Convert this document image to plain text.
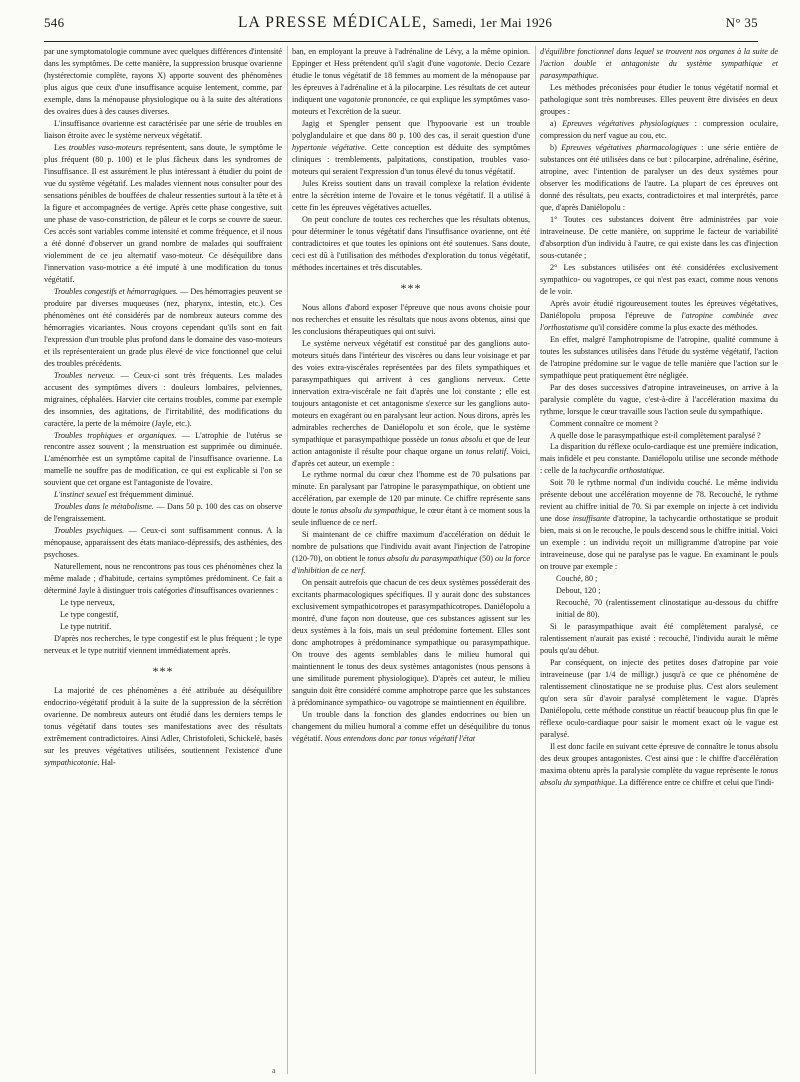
546	LA PRESSE MÉDICALE, Samedi, 1er Mai 1926	N° 35

par une symptomatologie commune avec quelques différences d'intensité dans les symptômes. De cette manière, la suppression brusque ovarienne (hystérectomie complète, rayons X) apporte souvent des phénomènes plus aigus que ceux d'une insuffisance acquise lentement, comme, par exemple, dans la ménopause physiologique ou à la suite des altérations des ovaires dues à des causes diverses.

L'insuffisance ovarienne est caractérisée par une série de troubles en liaison étroite avec le système nerveux végétatif.

Les troubles vaso-moteurs représentent, sans doute, le symptôme le plus fréquent (80 p. 100) et le plus fâcheux dans les syndromes de l'insuffisance. Il est assurément le plus intéressant à étudier du point de vue du système végétatif. Les malades viennent nous consulter pour des sensations pénibles de bouffées de chaleur ressenties surtout à la tête et à la figure et accompagnées de vertige. Après cette phase congestive, suit une phase de vaso-constriction, de pâleur et le corps se couvre de sueur. Ces accès sont variables comme intensité et comme fréquence, et il nous a été donné d'observer un grand nombre de malades qui souffraient violemment de ce jeu alternatif vaso-moteur. Ce déséquilibre dans l'innervation vaso-motrice a été imputé à une modification du tonus végétatif.

Troubles congestifs et hémorragiques. — Des hémorragies peuvent se produire par diverses muqueuses (nez, pharynx, intestin, etc.). Ces phénomènes ont été considérés par de nombreux auteurs comme des hémorragies vicariantes. Nous croyons cependant qu'ils sont en fait l'expression d'un trouble plus profond dans le domaine des vaso-moteurs et ils représenteraient un grade plus élevé de vice fonctionnel que celui des troubles précédents.

Troubles nerveux. — Ceux-ci sont très fréquents. Les malades accusent des symptômes divers : douleurs lombaires, pelviennes, migraines, céphalées. Harvier cite certains troubles, comme par exemple des insomnies, des agitations, de l'irritabilité, des modifications du caractère, la perte de la mémoire (Jayle, etc.).

Troubles trophiques et organiques. — L'atrophie de l'utérus se rencontre assez souvent ; la menstruation est supprimée ou diminuée. L'aménorrhée est un symptôme capital de l'insuffisance ovarienne. La mamelle ne souffre pas de modification, ce qui est explicable si l'on se souvient que cet organe est l'antagoniste de l'ovaire.

L'instinct sexuel est fréquemment diminué.

Troubles dans le métabolisme. — Dans 50 p. 100 des cas on observe de l'engraissement.

Troubles psychiques. — Ceux-ci sont suffisamment connus. A la ménopause, apparaissent des états maniaco-dépressifs, des asthénies, des psychoses.

Naturellement, nous ne rencontrons pas tous ces phénomènes chez la même malade ; d'habitude, certains symptômes prédominent. Ce fait a déterminé Jayle à distinguer trois catégories d'insuffisances ovariennes :

Le type nerveux,

Le type congestif,

Le type nutritif.

D'après nos recherches, le type congestif est le plus fréquent ; le type nerveux et le type nutritif viennent immédiatement après.

***

La majorité de ces phénomènes a été attribuée au déséquilibre endocrino-végétatif produit à la suite de la suppression de la sécrétion ovarienne. De nombreux auteurs ont étudié dans les derniers temps le tonus végétatif dans toutes ses manifestations avec des résultats extrêmement contradictoires. Ainsi Adler, Christofoleti, Schickelé, basés sur les preuves végétatives utilisées, soutiennent l'existence d'une sympathicotonie. Hal-

ban, en employant la preuve à l'adrénaline de Lévy, a la même opinion. Eppinger et Hess prétendent qu'il s'agit d'une vagotonie. Decio Cezare étudie le tonus végétatif de 18 femmes au moment de la ménopause par les épreuves à l'adrénaline et à la pilocarpine. Les résultats de cet auteur indiquent une vagotonie prononcée, ce qui explique les symptômes vaso-moteurs et l'excrétion de la sueur.

Jagig et Spengler pensent que l'hypoovarie est un trouble polyglandulaire et que dans 80 p. 100 des cas, il serait question d'une hypertonie végétative. Cette conception est déduite des symptômes cliniques : tremblements, palpitations, constipation, troubles vaso-moteurs qui seraient l'expression d'un tonus élevé du tonus végétatif.

Jules Kreiss soutient dans un travail complexe la relation évidente entre la sécrétion interne de l'ovaire et le tonus végétatif. Il a utilisé à cette fin les épreuves végétatives actuelles.

On peut conclure de toutes ces recherches que les résultats obtenus, pour déterminer le tonus végétatif dans l'insuffisance ovarienne, ont été contradictoires et que toutes les opinions ont été soutenues. Sans doute, ceci est dû à l'utilisation des méthodes d'exploration du tonus végétatif, méthodes incertaines et très discutables.

***

Nous allons d'abord exposer l'épreuve que nous avons choisie pour nos recherches et ensuite les résultats que nous avons obtenus, ainsi que les conclusions thérapeutiques qui ont suivi.

Le système nerveux végétatif est constitué par des ganglions auto-moteurs situés dans l'intérieur des viscères ou dans leur voisinage et par des voies extra-viscérales représentées par des filets sympathiques et parasympathiques qui arrivent à ces ganglions nerveux. Cette innervation extra-viscérale ne fait d'après une loi constante ; elle est toujours antagoniste et cet antagonisme s'exerce sur les ganglions auto-moteurs en exagérant ou en paralysant leur action. Nous dirons, après les admirables recherches de Daniélopolu et son école, que le système sympathique et parasympathique possède un tonus absolu et que de leur action antagoniste il résulte pour chaque organe un tonus relatif. Voici, d'après cet auteur, un exemple :

Le rythme normal du cœur chez l'homme est de 70 pulsations par minute. En paralysant par l'atropine le parasympathique, on obtient une accélération, par exemple de 120 par minute. Ce chiffre représente sans doute le tonus absolu du sympathique, le cœur étant à ce moment sous la seule influence de ce nerf.

Si maintenant de ce chiffre maximum d'accélération on déduit le nombre de pulsations que l'individu avait avant l'injection de l'atropine (120-70), on obtient le tonus absolu du parasympathique (50) ou la force d'inhibition de ce nerf.

On pensait autrefois que chacun de ces deux systèmes posséderait des excitants pharmacologiques spécifiques. Il y aurait donc des substances exclusivement sympathicotropes et parasympathicotropes. Daniélopolu a montré, d'une façon non douteuse, que ces substances agissent sur les deux systèmes à la fois, mais un seul prédomine fortement. Elles sont donc amphotropes à prédominance sympathique ou parasympathique. On trouve des agents semblables dans le milieu humoral qui maintiennent le tonus des deux systèmes antagonistes (nous pensons à une similitude purement physiologique). D'après cet auteur, le milieu sanguin doit être considéré comme amphotrope parce que les substances à prédominance sympathico- ou vagotrope se maintiennent en équilibre.

Un trouble dans la fonction des glandes endocrines ou bien un changement du milieu humoral a comme effet un déséquilibre du tonus végétatif. Nous entendons donc par tonus végétatif l'état

d'équilibre fonctionnel dans lequel se trouvent nos organes à la suite de l'action double et antagoniste du système sympathique et parasympathique.

Les méthodes préconisées pour étudier le tonus végétatif normal et pathologique sont très nombreuses. Elles peuvent être divisées en deux groupes :

a) Epreuves végétatives physiologiques : compression oculaire, compression du nerf vague au cou, etc.

b) Epreuves végétatives pharmacologiques : une série entière de substances ont été utilisées dans ce but : pilocarpine, adrénaline, ésérine, atropine, avec l'intention de paralyser un des deux systèmes pour observer les modifications de l'autre. La plupart de ces épreuves ont donné des résultats, peu exacts, contradictoires et mal interprétés, parce que, d'après Daniélopolu :

1° Toutes ces substances doivent être administrées par voie intraveineuse. De cette manière, on supprime le facteur de variabilité d'absorption d'un individu à l'autre, ce qui existe dans les cas d'injection sous-cutanée ;

2° Les substances utilisées ont été considérées exclusivement sympathico- ou vagotropes, ce qui n'est pas exact, comme nous venons de le voir.

Après avoir étudié rigoureusement toutes les épreuves végétatives, Daniélopolu proposa l'épreuve de l'atropine combinée avec l'orthostatisme qu'il considère comme la plus exacte des méthodes.

En effet, malgré l'amphotropisme de l'atropine, qualité commune à toutes les substances utilisées dans l'étude du système végétatif, l'action de l'atropine prédomine sur le vague de telle manière que l'action sur le sympathique peut pratiquement être négligée.

Par des doses successives d'atropine intraveineuses, on arrive à la paralysie complète du vague, c'est-à-dire à l'accélération maxima du rythme, lorsque le cœur travaille sous l'action seule du sympathique.

Comment connaître ce moment ?

A quelle dose le parasympathique est-il complètement paralysé ?

La disparition du réflexe oculo-cardiaque est une première indication, mais infidèle et peu constante. Daniélopolu utilise une seconde méthode : celle de la tachycardie orthostatique.

Soit 70 le rythme normal d'un individu couché. Le même individu présente debout une accélération moyenne de 78. Recouché, le rythme revient au chiffre initial de 70. Si par exemple on injecte à cet individu une dose insuffisante d'atropine, la tachycardie orthostatique se produit bien, mais si on le recouche, le pouls descend sous le chiffre initial. Voici un exemple : un individu reçoit un milligramme d'atropine par voie intraveineuse, dose qui ne paralyse pas le vague. En examinant le pouls on trouve par exemple :

Couché, 80 ;

Debout, 120 ;

Recouché, 70 (ralentissement clinostatique au-dessous du chiffre initial de 80).

Si le parasympathique avait été complètement paralysé, ce ralentissement n'aurait pas existé : recouché, l'individu aurait le même pouls qu'au début.

Par conséquent, on injecte des petites doses d'atropine par voie intraveineuse (par 1/4 de milligr.) jusqu'à ce que ce phénomène de ralentissement clinostatique ne se produise plus. C'est alors seulement qu'on sera sûr d'avoir paralysé complètement le vague. D'après Daniélopolu, cette méthode constitue un réactif beaucoup plus fin que le réflexe oculo-cardiaque pour saisir le moment exact où le vague est paralysé.

Il est donc facile en suivant cette épreuve de connaître le tonus absolu des deux groupes antagonistes. C'est ainsi que : le chiffre d'accélération maxima obtenu après la paralysie complète du vague représente le tonus absolu du sympathique. La différence entre ce chiffre et celui que l'indi-

a
